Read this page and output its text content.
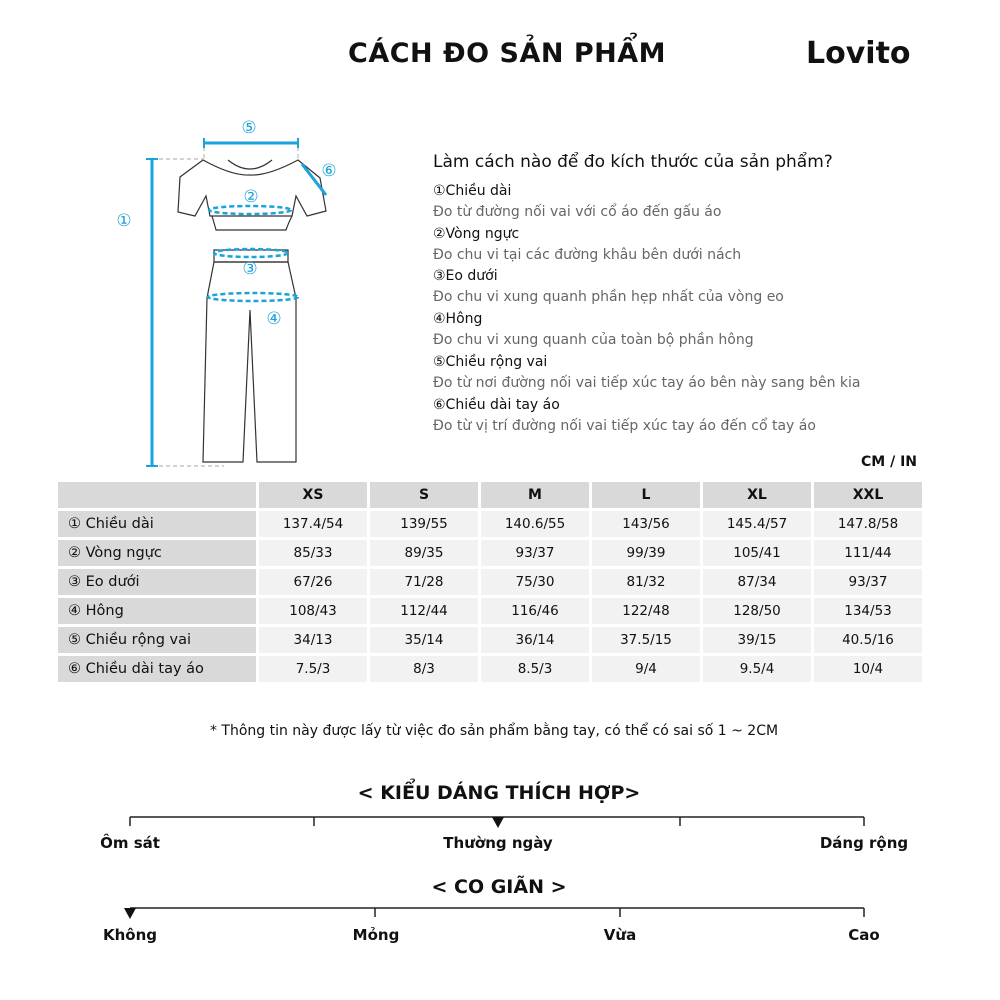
CÁCH ĐO SẢN PHẨM	Lovito
①
②
③
④
⑤
⑥	Làm cách nào để đo kích thước của sản phẩm?
①Chiều dài
Đo từ đường nối vai với cổ áo đến gấu áo
②Vòng ngực
Đo chu vi tại các đường khâu bên dưới nách
③Eo dưới
Đo chu vi xung quanh phần hẹp nhất của vòng eo
④Hông
Đo chu vi xung quanh của toàn bộ phần hông
⑤Chiều rộng vai
Đo từ nơi đường nối vai tiếp xúc tay áo bên này sang bên kia
⑥Chiều dài tay áo
Đo từ vị trí đường nối vai tiếp xúc tay áo đến cổ tay áo
CM / IN
	XS	S	M	L	XL	XXL
① Chiều dài	137.4/54	139/55	140.6/55	143/56	145.4/57	147.8/58
② Vòng ngực	85/33	89/35	93/37	99/39	105/41	111/44
③ Eo dưới	67/26	71/28	75/30	81/32	87/34	93/37
④ Hông	108/43	112/44	116/46	122/48	128/50	134/53
⑤ Chiều rộng vai	34/13	35/14	36/14	37.5/15	39/15	40.5/16
⑥ Chiều dài tay áo	7.5/3	8/3	8.5/3	9/4	9.5/4	10/4
* Thông tin này được lấy từ việc đo sản phẩm bằng tay, có thể có sai số 1 ~ 2CM
< KIỂU DÁNG THÍCH HỢP>
Ôm sát	Thường ngày	Dáng rộng
< CO GIÃN >
Không	Mỏng	Vừa	Cao
